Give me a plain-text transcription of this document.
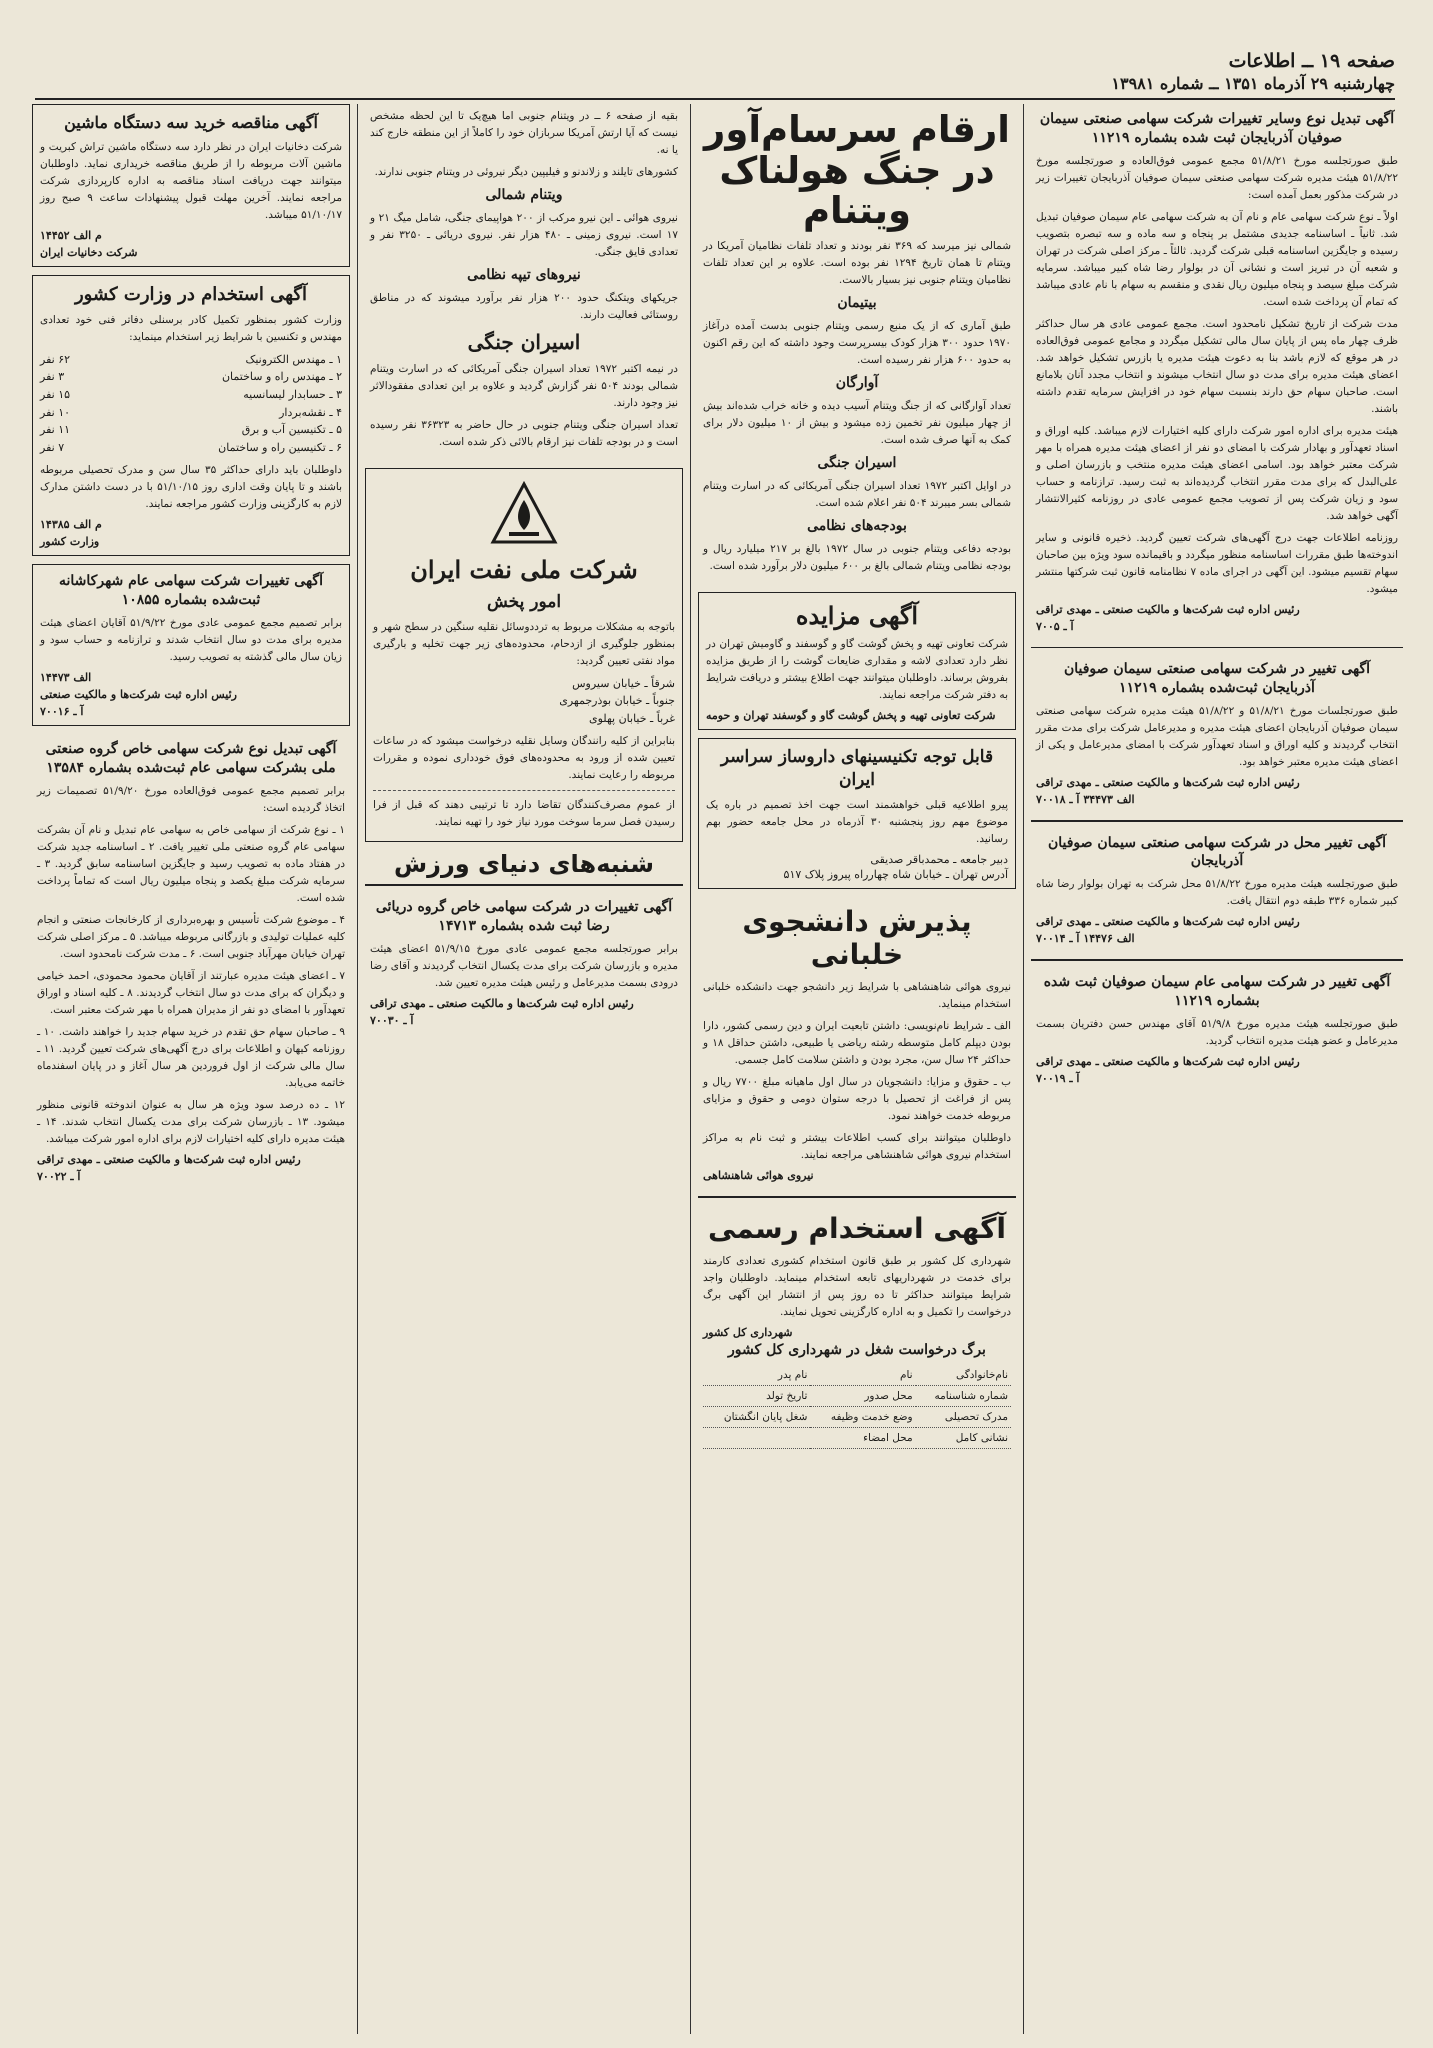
صفحه ۱۹ ــ اطلاعات
چهارشنبه ۲۹ آذرماه ۱۳۵۱ ــ شماره ۱۳۹۸۱
آگهی تبدیل نوع وسایر تغییرات شرکت سهامی صنعتی سیمان صوفیان آذربایجان ثبت شده بشماره ۱۱۲۱۹

طبق صورتجلسه مورخ ۵۱/۸/۲۱ مجمع عمومی فوق‌العاده و صورتجلسه مورخ ۵۱/۸/۲۲ هیئت مدیره شرکت سهامی صنعتی سیمان صوفیان آذربایجان تغییرات زیر در شرکت مذکور بعمل آمده است:

اولاً ـ نوع شرکت سهامی عام و نام آن به شرکت سهامی عام سیمان صوفیان تبدیل شد. ثانیاً ـ اساسنامه جدیدی مشتمل بر پنجاه و سه ماده و سه تبصره بتصویب رسیده و جایگزین اساسنامه قبلی شرکت گردید. ثالثاً ـ مرکز اصلی شرکت در تهران و شعبه آن در تبریز است و نشانی آن در بولوار رضا شاه کبیر میباشد. سرمایه شرکت مبلغ سیصد و پنجاه میلیون ریال نقدی و منقسم به سهام با نام عادی میباشد که تمام آن پرداخت شده است.

مدت شرکت از تاریخ تشکیل نامحدود است. مجمع عمومی عادی هر سال حداکثر ظرف چهار ماه پس از پایان سال مالی تشکیل میگردد و مجامع عمومی فوق‌العاده در هر موقع که لازم باشد بنا به دعوت هیئت مدیره یا بازرس تشکیل خواهد شد. اعضای هیئت مدیره برای مدت دو سال انتخاب میشوند و انتخاب مجدد آنان بلامانع است. صاحبان سهام حق دارند بنسبت سهام خود در افزایش سرمایه تقدم داشته باشند.

هیئت مدیره برای اداره امور شرکت دارای کلیه اختیارات لازم میباشد. کلیه اوراق و اسناد تعهدآور و بهادار شرکت با امضای دو نفر از اعضای هیئت مدیره همراه با مهر شرکت معتبر خواهد بود. اسامی اعضای هیئت مدیره منتخب و بازرسان اصلی و علی‌البدل که برای مدت مقرر انتخاب گردیده‌اند به ثبت رسید. ترازنامه و حساب سود و زیان شرکت پس از تصویب مجمع عمومی عادی در روزنامه کثیرالانتشار آگهی خواهد شد.

روزنامه اطلاعات جهت درج آگهی‌های شرکت تعیین گردید. ذخیره قانونی و سایر اندوخته‌ها طبق مقررات اساسنامه منظور میگردد و باقیمانده سود ویژه بین صاحبان سهام تقسیم میشود. این آگهی در اجرای ماده ۷ نظامنامه قانون ثبت شرکتها منتشر میشود.

رئیس اداره ثبت شرکت‌ها و مالکیت صنعتی ـ مهدی تراقی
آ ـ ۷۰۰۵
آگهی تغییر در شرکت سهامی صنعتی سیمان صوفیان آذربایجان ثبت‌شده بشماره ۱۱۲۱۹

طبق صورتجلسات مورخ ۵۱/۸/۲۱ و ۵۱/۸/۲۲ هیئت مدیره شرکت سهامی صنعتی سیمان صوفیان آذربایجان اعضای هیئت مدیره و مدیرعامل شرکت برای مدت مقرر انتخاب گردیدند و کلیه اوراق و اسناد تعهدآور شرکت با امضای مدیرعامل و یکی از اعضای هیئت مدیره معتبر خواهد بود.

رئیس اداره ثبت شرکت‌ها و مالکیت صنعتی ـ مهدی تراقی
الف ۳۴۴۷۳ آ ـ ۷۰۰۱۸
آگهی تغییر محل در شرکت سهامی صنعتی سیمان صوفیان آذربایجان

طبق صورتجلسه هیئت مدیره مورخ ۵۱/۸/۲۲ محل شرکت به تهران بولوار رضا شاه کبیر شماره ۳۳۶ طبقه دوم انتقال یافت.

رئیس اداره ثبت شرکت‌ها و مالکیت صنعتی ـ مهدی تراقی
الف ۱۴۴۷۶ آ ـ ۷۰۰۱۴
آگهی تغییر در شرکت سهامی عام سیمان صوفیان ثبت شده بشماره ۱۱۲۱۹

طبق صورتجلسه هیئت مدیره مورخ ۵۱/۹/۸ آقای مهندس حسن دفتریان بسمت مدیرعامل و عضو هیئت مدیره انتخاب گردید.

رئیس اداره ثبت شرکت‌ها و مالکیت صنعتی ـ مهدی تراقی
آ ـ ۷۰۰۱۹
ارقام سرسام‌آور در جنگ هولناک ویتنام

شمالی نیز میرسد که ۳۶۹ نفر بودند و تعداد تلفات نظامیان آمریکا در ویتنام تا همان تاریخ ۱۲۹۴ نفر بوده است. علاوه بر این تعداد تلفات نظامیان ویتنام جنوبی نیز بسیار بالاست.

بیتیمان

طبق آماری که از یک منبع رسمی ویتنام جنوبی بدست آمده درآغاز ۱۹۷۰ حدود ۳۰۰ هزار کودک بیسرپرست وجود داشته که این رقم اکنون به حدود ۶۰۰ هزار نفر رسیده است.

آوارگان

تعداد آوارگانی که از جنگ ویتنام آسیب دیده و خانه خراب شده‌اند بیش از چهار میلیون نفر تخمین زده میشود و بیش از ۱۰ میلیون دلار برای کمک به آنها صرف شده است.

اسیران جنگی

در اوایل اکتبر ۱۹۷۲ تعداد اسیران جنگی آمریکائی که در اسارت ویتنام شمالی بسر میبرند ۵۰۴ نفر اعلام شده است.

بودجه‌های نظامی

بودجه دفاعی ویتنام جنوبی در سال ۱۹۷۲ بالغ بر ۲۱۷ میلیارد ریال و بودجه نظامی ویتنام شمالی بالغ بر ۶۰۰ میلیون دلار برآورد شده است.

آگهی مزایده

شرکت تعاونی تهیه و پخش گوشت گاو و گوسفند و گاومیش تهران در نظر دارد تعدادی لاشه و مقداری ضایعات گوشت را از طریق مزایده بفروش برساند. داوطلبان میتوانند جهت اطلاع بیشتر و دریافت شرایط به دفتر شرکت مراجعه نمایند.

شرکت تعاونی تهیه و پخش گوشت گاو و گوسفند تهران و حومه
قابل توجه تکنیسینهای داروساز سراسر ایران

پیرو اطلاعیه قبلی خواهشمند است جهت اخذ تصمیم در باره یک موضوع مهم روز پنجشنبه ۳۰ آذرماه در محل جامعه حضور بهم رسانید.

دبیر جامعه ـ محمدباقر صدیقی
آدرس تهران ـ خیابان شاه چهارراه پیروز پلاک ۵۱۷
پذیرش دانشجوی خلبانی

نیروی هوائی شاهنشاهی با شرایط زیر دانشجو جهت دانشکده خلبانی استخدام مینماید.

الف ـ شرایط نام‌نویسی: داشتن تابعیت ایران و دین رسمی کشور، دارا بودن دیپلم کامل متوسطه رشته ریاضی یا طبیعی، داشتن حداقل ۱۸ و حداکثر ۲۴ سال سن، مجرد بودن و داشتن سلامت کامل جسمی.

ب ـ حقوق و مزایا: دانشجویان در سال اول ماهیانه مبلغ ۷۷۰۰ ریال و پس از فراغت از تحصیل با درجه ستوان دومی و حقوق و مزایای مربوطه خدمت خواهند نمود.

داوطلبان میتوانند برای کسب اطلاعات بیشتر و ثبت نام به مراکز استخدام نیروی هوائی شاهنشاهی مراجعه نمایند.

نیروی هوائی شاهنشاهی
آگهی استخدام رسمی

شهرداری کل کشور بر طبق قانون استخدام کشوری تعدادی کارمند برای خدمت در شهرداریهای تابعه استخدام مینماید. داوطلبان واجد شرایط میتوانند حداکثر تا ده روز پس از انتشار این آگهی برگ درخواست را تکمیل و به اداره کارگزینی تحویل نمایند.

شهرداری کل کشور
برگ درخواست شغل در شهرداری کل کشور
نام‌خانوادگی	نام	نام پدر
شماره شناسنامه	محل صدور	تاریخ تولد
مدرک تحصیلی	وضع خدمت وظیفه	شغل پایان انگشتان
نشانی کامل	محل امضاء	

بقیه از صفحه ۶ ــ در ویتنام جنوبی اما هیچ‌یک تا این لحظه مشخص نیست که آیا ارتش آمریکا سربازان خود را کاملاً از این منطقه خارج کند یا نه.

کشورهای تایلند و زلاندنو و فیلیپین دیگر نیروئی در ویتنام جنوبی ندارند.

ویتنام شمالی

نیروی هوائی ـ این نیرو مرکب از ۲۰۰ هواپیمای جنگی، شامل میگ ۲۱ و ۱۷ است. نیروی زمینی ـ ۴۸۰ هزار نفر. نیروی دریائی ـ ۳۲۵۰ نفر و تعدادی قایق جنگی.

نیروهای تیپه نظامی

جریکهای ویتکنگ حدود ۲۰۰ هزار نفر برآورد میشوند که در مناطق روستائی فعالیت دارند.

اسیران جنگی

در نیمه اکتبر ۱۹۷۲ تعداد اسیران جنگی آمریکائی که در اسارت ویتنام شمالی بودند ۵۰۴ نفر گزارش گردید و علاوه بر این تعدادی مفقودالاثر نیز وجود دارند.

تعداد اسیران جنگی ویتنام جنوبی در حال حاضر به ۳۶۳۲۳ نفر رسیده است و در بودجه تلفات نیز ارقام بالائی ذکر شده است.

شرکت ملی نفت ایران
امور پخش

باتوجه به مشکلات مربوط به ترددوسائل نقلیه سنگین در سطح شهر و بمنظور جلوگیری از ازدحام، محدوده‌های زیر جهت تخلیه و بارگیری مواد نفتی تعیین گردید:

شرقاً ـ خیابان سیروس
جنوباً ـ خیابان بوذرجمهری
غرباً ـ خیابان پهلوی

بنابراین از کلیه رانندگان وسایل نقلیه درخواست میشود که در ساعات تعیین شده از ورود به محدوده‌های فوق خودداری نموده و مقررات مربوطه را رعایت نمایند.

از عموم مصرف‌کنندگان تقاضا دارد تا ترتیبی دهند که قبل از فرا رسیدن فصل سرما سوخت مورد نیاز خود را تهیه نمایند.

شنبه‌های دنیای ورزش
آگهی تغییرات در شرکت سهامی خاص گروه دریائی رضا ثبت شده بشماره ۱۴۷۱۳

برابر صورتجلسه مجمع عمومی عادی مورخ ۵۱/۹/۱۵ اعضای هیئت مدیره و بازرسان شرکت برای مدت یکسال انتخاب گردیدند و آقای رضا درودی بسمت مدیرعامل و رئیس هیئت مدیره تعیین شد.

رئیس اداره ثبت شرکت‌ها و مالکیت صنعتی ـ مهدی تراقی
آ ـ ۷۰۰۳۰
آگهی مناقصه خرید سه دستگاه ماشین

شرکت دخانیات ایران در نظر دارد سه دستگاه ماشین تراش کبریت و ماشین آلات مربوطه را از طریق مناقصه خریداری نماید. داوطلبان میتوانند جهت دریافت اسناد مناقصه به اداره کارپردازی شرکت مراجعه نمایند. آخرین مهلت قبول پیشنهادات ساعت ۹ صبح روز ۵۱/۱۰/۱۷ میباشد.

م الف ۱۴۴۵۲
شرکت دخانیات ایران
آگهی استخدام در وزارت کشور

وزارت کشور بمنظور تکمیل کادر برسنلی دفاتر فنی خود تعدادی مهندس و تکنسین با شرایط زیر استخدام مینماید:

۱ ـ مهندس الکترونیک
۶۲ نفر
۲ ـ مهندس راه و ساختمان
۳ نفر
۳ ـ حسابدار لیسانسیه
۱۵ نفر
۴ ـ نقشه‌بردار
۱۰ نفر
۵ ـ تکنیسین آب و برق
۱۱ نفر
۶ ـ تکنیسین راه و ساختمان
۷ نفر

داوطلبان باید دارای حداکثر ۳۵ سال سن و مدرک تحصیلی مربوطه باشند و تا پایان وقت اداری روز ۵۱/۱۰/۱۵ با در دست داشتن مدارک لازم به کارگزینی وزارت کشور مراجعه نمایند.

م الف ۱۴۳۸۵
وزارت کشور
آگهی تغییرات شرکت سهامی عام شهرکاشانه ثبت‌شده بشماره ۱۰۸۵۵

برابر تصمیم مجمع عمومی عادی مورخ ۵۱/۹/۲۲ آقایان اعضای هیئت مدیره برای مدت دو سال انتخاب شدند و ترازنامه و حساب سود و زیان سال مالی گذشته به تصویب رسید.

الف ۱۴۴۷۳
رئیس اداره ثبت شرکت‌ها و مالکیت صنعتی
آ ـ ۷۰۰۱۶
آگهی تبدیل نوع شرکت سهامی خاص گروه صنعتی ملی بشرکت سهامی عام ثبت‌شده بشماره ۱۳۵۸۴

برابر تصمیم مجمع عمومی فوق‌العاده مورخ ۵۱/۹/۲۰ تصمیمات زیر اتخاذ گردیده است:

۱ ـ نوع شرکت از سهامی خاص به سهامی عام تبدیل و نام آن بشرکت سهامی عام گروه صنعتی ملی تغییر یافت. ۲ ـ اساسنامه جدید شرکت در هفتاد ماده به تصویب رسید و جایگزین اساسنامه سابق گردید. ۳ ـ سرمایه شرکت مبلغ یکصد و پنجاه میلیون ریال است که تماماً پرداخت شده است.

۴ ـ موضوع شرکت تأسیس و بهره‌برداری از کارخانجات صنعتی و انجام کلیه عملیات تولیدی و بازرگانی مربوطه میباشد. ۵ ـ مرکز اصلی شرکت تهران خیابان مهرآباد جنوبی است. ۶ ـ مدت شرکت نامحدود است.

۷ ـ اعضای هیئت مدیره عبارتند از آقایان محمود محمودی، احمد خیامی و دیگران که برای مدت دو سال انتخاب گردیدند. ۸ ـ کلیه اسناد و اوراق تعهدآور با امضای دو نفر از مدیران همراه با مهر شرکت معتبر است.

۹ ـ صاحبان سهام حق تقدم در خرید سهام جدید را خواهند داشت. ۱۰ ـ روزنامه کیهان و اطلاعات برای درج آگهی‌های شرکت تعیین گردید. ۱۱ ـ سال مالی شرکت از اول فروردین هر سال آغاز و در پایان اسفندماه خاتمه می‌یابد.

۱۲ ـ ده درصد سود ویژه هر سال به عنوان اندوخته قانونی منظور میشود. ۱۳ ـ بازرسان شرکت برای مدت یکسال انتخاب شدند. ۱۴ ـ هیئت مدیره دارای کلیه اختیارات لازم برای اداره امور شرکت میباشد.

رئیس اداره ثبت شرکت‌ها و مالکیت صنعتی ـ مهدی تراقی
آ ـ ۷۰۰۲۲
